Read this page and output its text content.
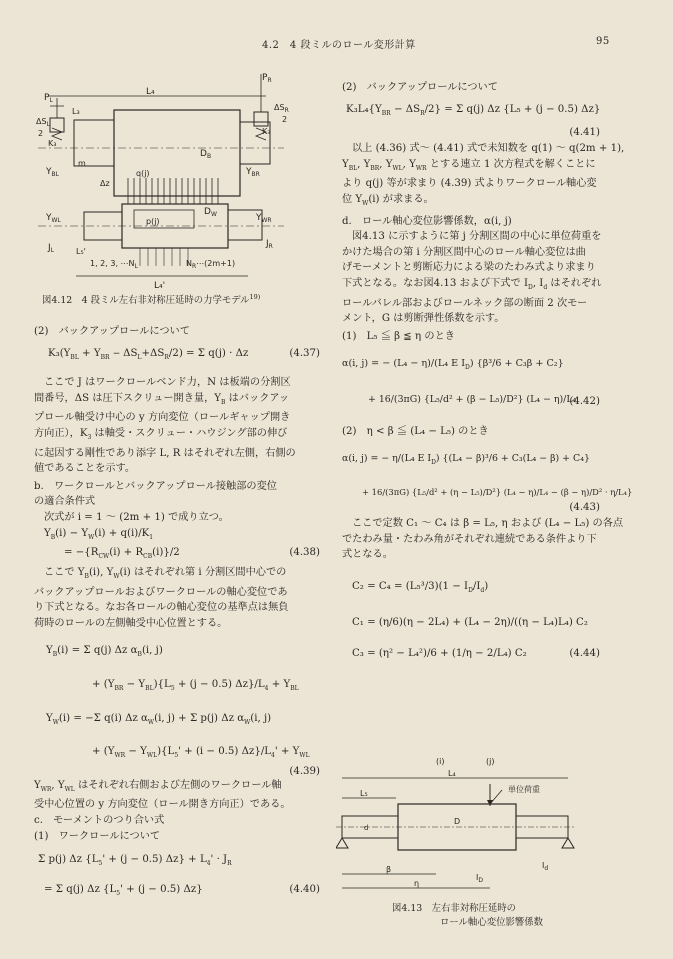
4.2　4 段ミルのロール変形計算	95
L₄
$P_L$
$P_R$
L₃
$\Delta S_L$
2
$\Delta S_R$
2
K₃
K₃
$D_B$
m
$Y_{BL}$	$Y_{BR}$
q(j)
Δz
p(j)
$D_W$
$Y_{WL}$	$Y_{WR}$
$J_L$
$J_R$
L₅'
1, 2, 3, $\cdots N_L$	$N_R\cdots(2m+1)$
L₄'
図4.12　4 段ミル左右非対称圧延時の力学モデル$^{19)}$

(2)　バックアップロールについて

$K_3(Y_{BL} + Y_{BR} - \Delta S_L+\Delta S_R/2) = \Sigma$ q(j) · Δz	(4.37)

ここで J はワークロールベンド力，N は板端の分割区

間番号，ΔS は圧下スクリュー開き量，$Y_B$ はバックアッ

プロール軸受け中心の y 方向変位（ロールギャップ開き

方向正），$K_3$ は軸受・スクリュー・ハウジング部の伸び

に起因する剛性であり添字 L, R はそれぞれ左側，右側の

値であることを示す。

b.　ワークロールとバックアップロール接触部の変位

の適合条件式

次式が i = 1 ～ (2m + 1) で成り立つ。

$Y_B(i) - Y_W(i) + q(i)/K_1$

= $-\{R_{CW}(i) + R_{CB}(i)\}/2$	(4.38)

ここで $Y_B(i)$, $Y_W(i)$ はそれぞれ第 i 分割区間中心での

バックアップロールおよびワークロールの軸心変位であ

り下式となる。なお各ロールの軸心変位の基準点は無負

荷時のロールの左側軸受中心位置とする。

$Y_B(i) = \Sigma$ q(j) Δz $\alpha_B(i$, j)

+ $(Y_{BR} - Y_{BL})\{L_5 + (j - 0.5) \Delta z\}/L_4 + Y_{BL}$

$Y_W(i) = -\Sigma$ q(i) Δz $\alpha_W(i$, j) + Σ p(j) Δz $\alpha_W(i$, j)

+ $(Y_{WR} - Y_{WL})\{L_5' + (i - 0.5) \Delta z\}/L_4' + Y_{WL}$

(4.39)

$Y_{WR}$, $Y_{WL}$ はそれぞれ右側および左側のワークロール軸

受中心位置の y 方向変位（ロール開き方向正）である。

c.　モーメントのつり合い式

(1)　ワークロールについて

Σ p(j) Δz $\{L_5' + (j - 0.5) \Delta z\} + L_4' \cdot J_R$

= Σ q(j) Δz {$L_5' + (j - 0.5)$ Δz}	(4.40)

(2)　バックアップロールについて

$K_3L_4\{Y_{BR} - \Delta S_R/2\} = \Sigma$ q(j) Δz {L₅ + (j − 0.5) Δz}

(4.41)

以上 (4.36) 式～ (4.41) 式で未知数を q(1) ～ q(2m + 1),

$Y_{BL}$, $Y_{BR}$, $Y_{WL}$, $Y_{WR}$ とする連立 1 次方程式を解くことに

より q(j) 等が求まり (4.39) 式よりワークロール軸心変

位 $Y_W(i)$ が求まる。

d.　ロール軸心変位影響係数，α(i, j)

図4.13 に示すように第 j 分割区間の中心に単位荷重を

かけた場合の第 i 分割区間中心のロール軸心変位は曲

げモーメントと剪断応力による梁のたわみ式より求まり

下式となる。なお図4.13 および下式で $I_D$, $I_d$ はそれぞれ

ロールバレル部およびロールネック部の断面 2 次モー

メント，G は剪断弾性係数を示す。

(1)　L₅ ≦ β ≦ η のとき

α(i, j) = − (L₄ − η)/(L₄ E $I_D$) {β³/6 + C₃β + C₂}

+ 16/(3πG) {L₅/d² + (β − L₅)/D²} (L₄ − η)/L₄

(4.42)

(2)　η < β ≦ (L₄ − L₅) のとき

α(i, j) = − η/(L₄ E $I_D$) {(L₄ − β)³/6 + C₃(L₄ − β) + C₄}

+ 16/(3πG) {L₅/d² + (η − L₅)/D²} (L₄ − η)/L₄ − (β − η)/D² · η/L₄}

(4.43)

ここで定数 C₁ ～ C₄ は β = L₅, η および (L₄ − L₅) の各点

でたわみ量・たわみ角がそれぞれ連続である条件より下

式となる。

$C_2 = C_4 = (L_5^3/3)(1 - I_D/I_d)$

C₁ = (η/6)(η − 2L₄) + (L₄ − 2η)/((η − L₄)L₄) C₂

C₃ = (η² − L₄²)/6 + (1/η − 2/L₄) C₂	(4.44)

(i)	(j)
L₄
L₅	単位荷重
D
d
$I_d$
$I_D$
β
η
図4.13　左右非対称圧延時の
ロール軸心変位影響係数
